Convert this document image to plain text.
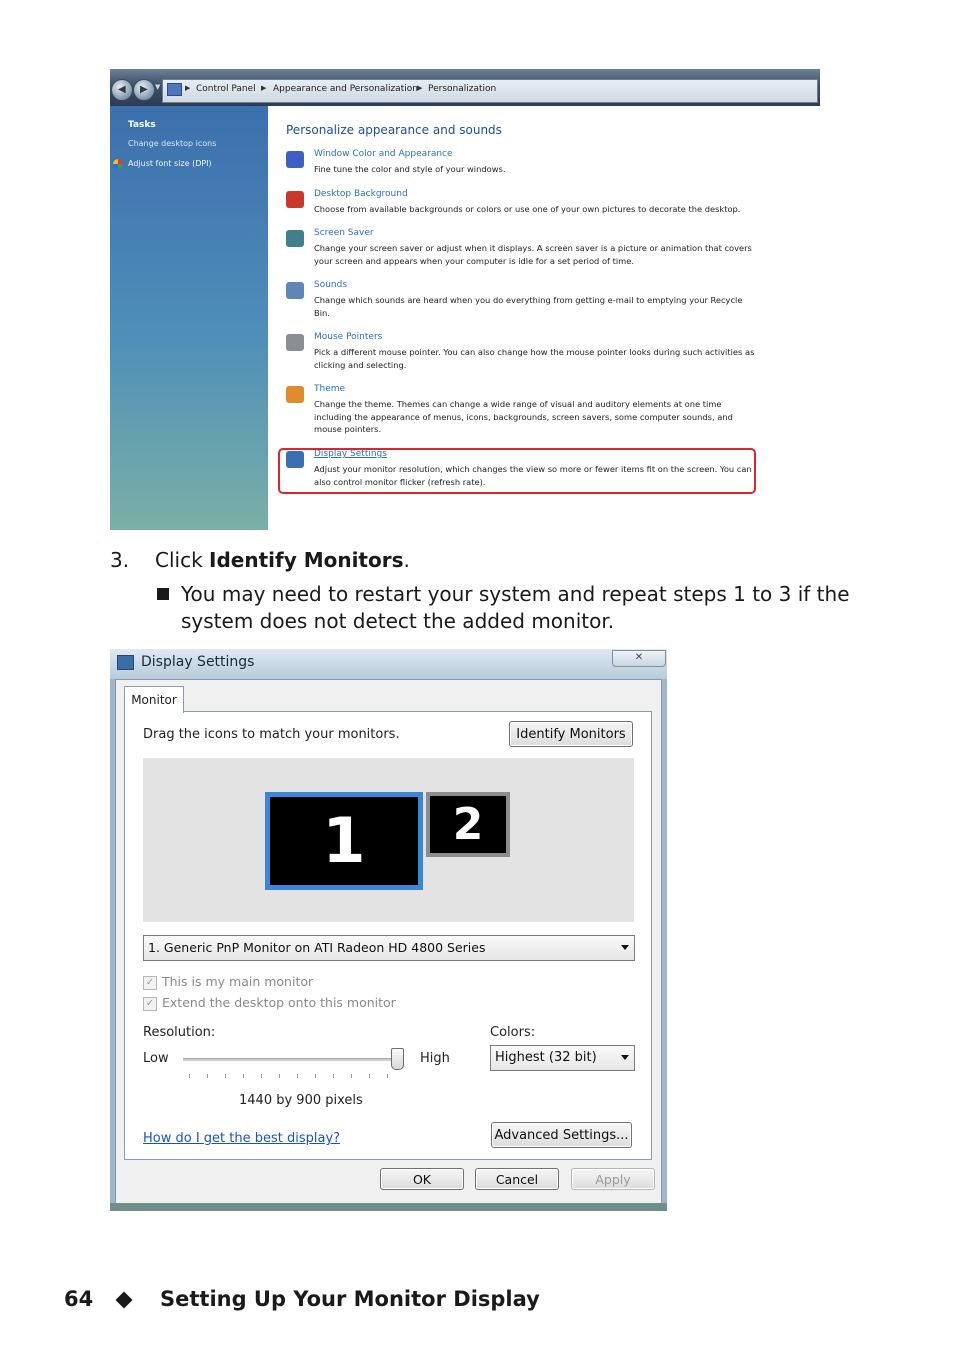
◀ ▶ ▼	▶ Control Panel ▶ Appearance and Personalization ▶ Personalization
Tasks
Change desktop icons
Adjust font size (DPI)
Personalize appearance and sounds
Window Color and Appearance
Fine tune the color and style of your windows.
Desktop Background
Choose from available backgrounds or colors or use one of your own pictures to decorate the desktop.
Screen Saver
Change your screen saver or adjust when it displays. A screen saver is a picture or animation that covers your screen and appears when your computer is idle for a set period of time.
Sounds
Change which sounds are heard when you do everything from getting e-mail to emptying your Recycle Bin.
Mouse Pointers
Pick a different mouse pointer. You can also change how the mouse pointer looks during such activities as clicking and selecting.
Theme
Change the theme. Themes can change a wide range of visual and auditory elements at one time including the appearance of menus, icons, backgrounds, screen savers, some computer sounds, and mouse pointers.
Display Settings
Adjust your monitor resolution, which changes the view so more or fewer items fit on the screen. You can also control monitor flicker (refresh rate).
3. Click Identify Monitors.
You may need to restart your system and repeat steps 1 to 3 if the system does not detect the added monitor.
Display Settings	✕
Monitor
Drag the icons to match your monitors.	Identify Monitors
1	2
1. Generic PnP Monitor on ATI Radeon HD 4800 Series
✓ This is my main monitor
✓ Extend the desktop onto this monitor
Resolution:
Low	High
1440 by 900 pixels
Colors:
Highest (32 bit)
How do I get the best display?	Advanced Settings...
OK	Cancel	Apply
64	Setting Up Your Monitor Display
